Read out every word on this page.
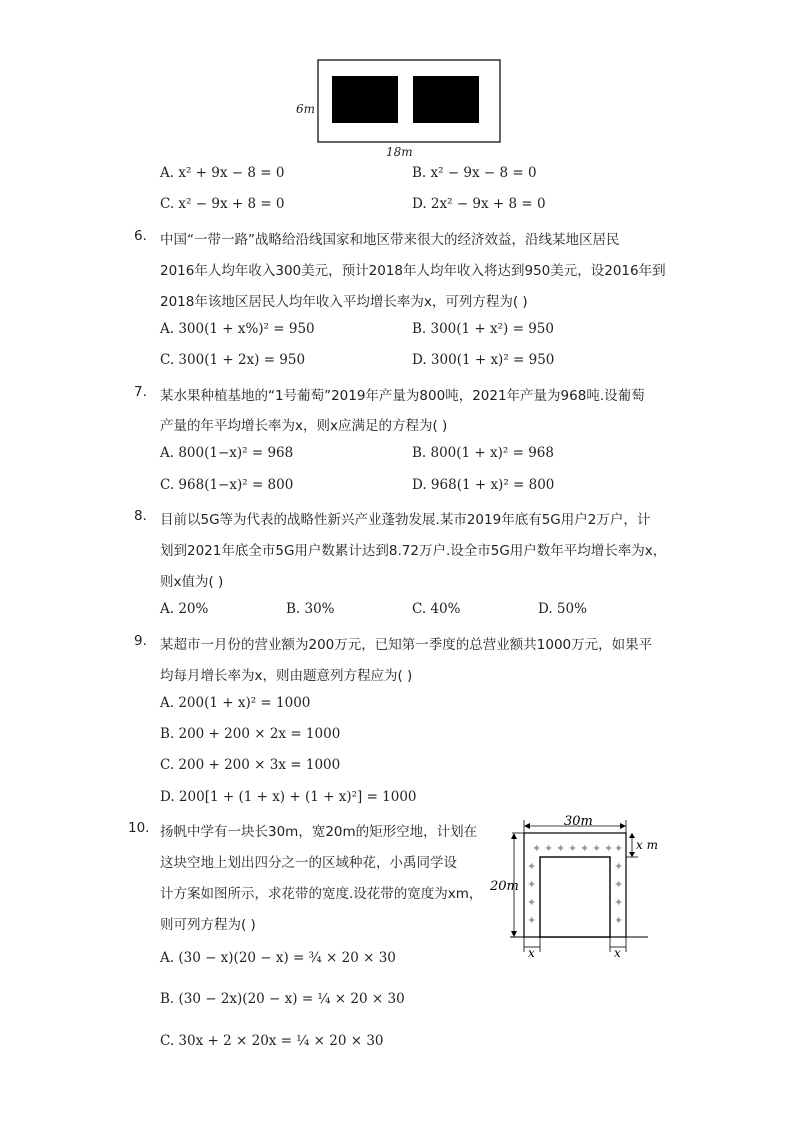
6m
18m
A. x² + 9x − 8 = 0	B. x² − 9x − 8 = 0
C. x² − 9x + 8 = 0	D. 2x² − 9x + 8 = 0
6. 中国“一带一路”战略给沿线国家和地区带来很大的经济效益，沿线某地区居民
2016年人均年收入300美元，预计2018年人均年收入将达到950美元，设2016年到
2018年该地区居民人均年收入平均增长率为x，可列方程为( )
A. 300(1 + x%)² = 950	B. 300(1 + x²) = 950
C. 300(1 + 2x) = 950	D. 300(1 + x)² = 950
7. 某水果种植基地的“1号葡萄”2019年产量为800吨，2021年产量为968吨.设葡萄
产量的年平均增长率为x，则x应满足的方程为( )
A. 800(1−x)² = 968	B. 800(1 + x)² = 968
C. 968(1−x)² = 800	D. 968(1 + x)² = 800
8. 目前以5G等为代表的战略性新兴产业蓬勃发展.某市2019年底有5G用户2万户，计
划到2021年底全市5G用户数累计达到8.72万户.设全市5G用户数年平均增长率为x，
则x值为( )
A. 20%	B. 30%	C. 40%	D. 50%
9. 某超市一月份的营业额为200万元，已知第一季度的总营业额共1000万元，如果平
均每月增长率为x，则由题意列方程应为( )
A. 200(1 + x)² = 1000
B. 200 + 200 × 2x = 1000
C. 200 + 200 × 3x = 1000
D. 200[1 + (1 + x) + (1 + x)²] = 1000
10. 扬帆中学有一块长30m，宽20m的矩形空地，计划在
这块空地上划出四分之一的区域种花，小禹同学设
计方案如图所示，求花带的宽度.设花带的宽度为xm，
则可列方程为( )
A. (30 − x)(20 − x) = ¾ × 20 × 30
B. (30 − 2x)(20 − x) = ¼ × 20 × 30
C. 30x + 2 × 20x = ¼ × 20 × 30
✦ ✦ ✦ ✦ ✦ ✦ ✦ ✦
✦
✦
✦
✦
✦
✦
✦
✦
30m
20m
x m
x	x
